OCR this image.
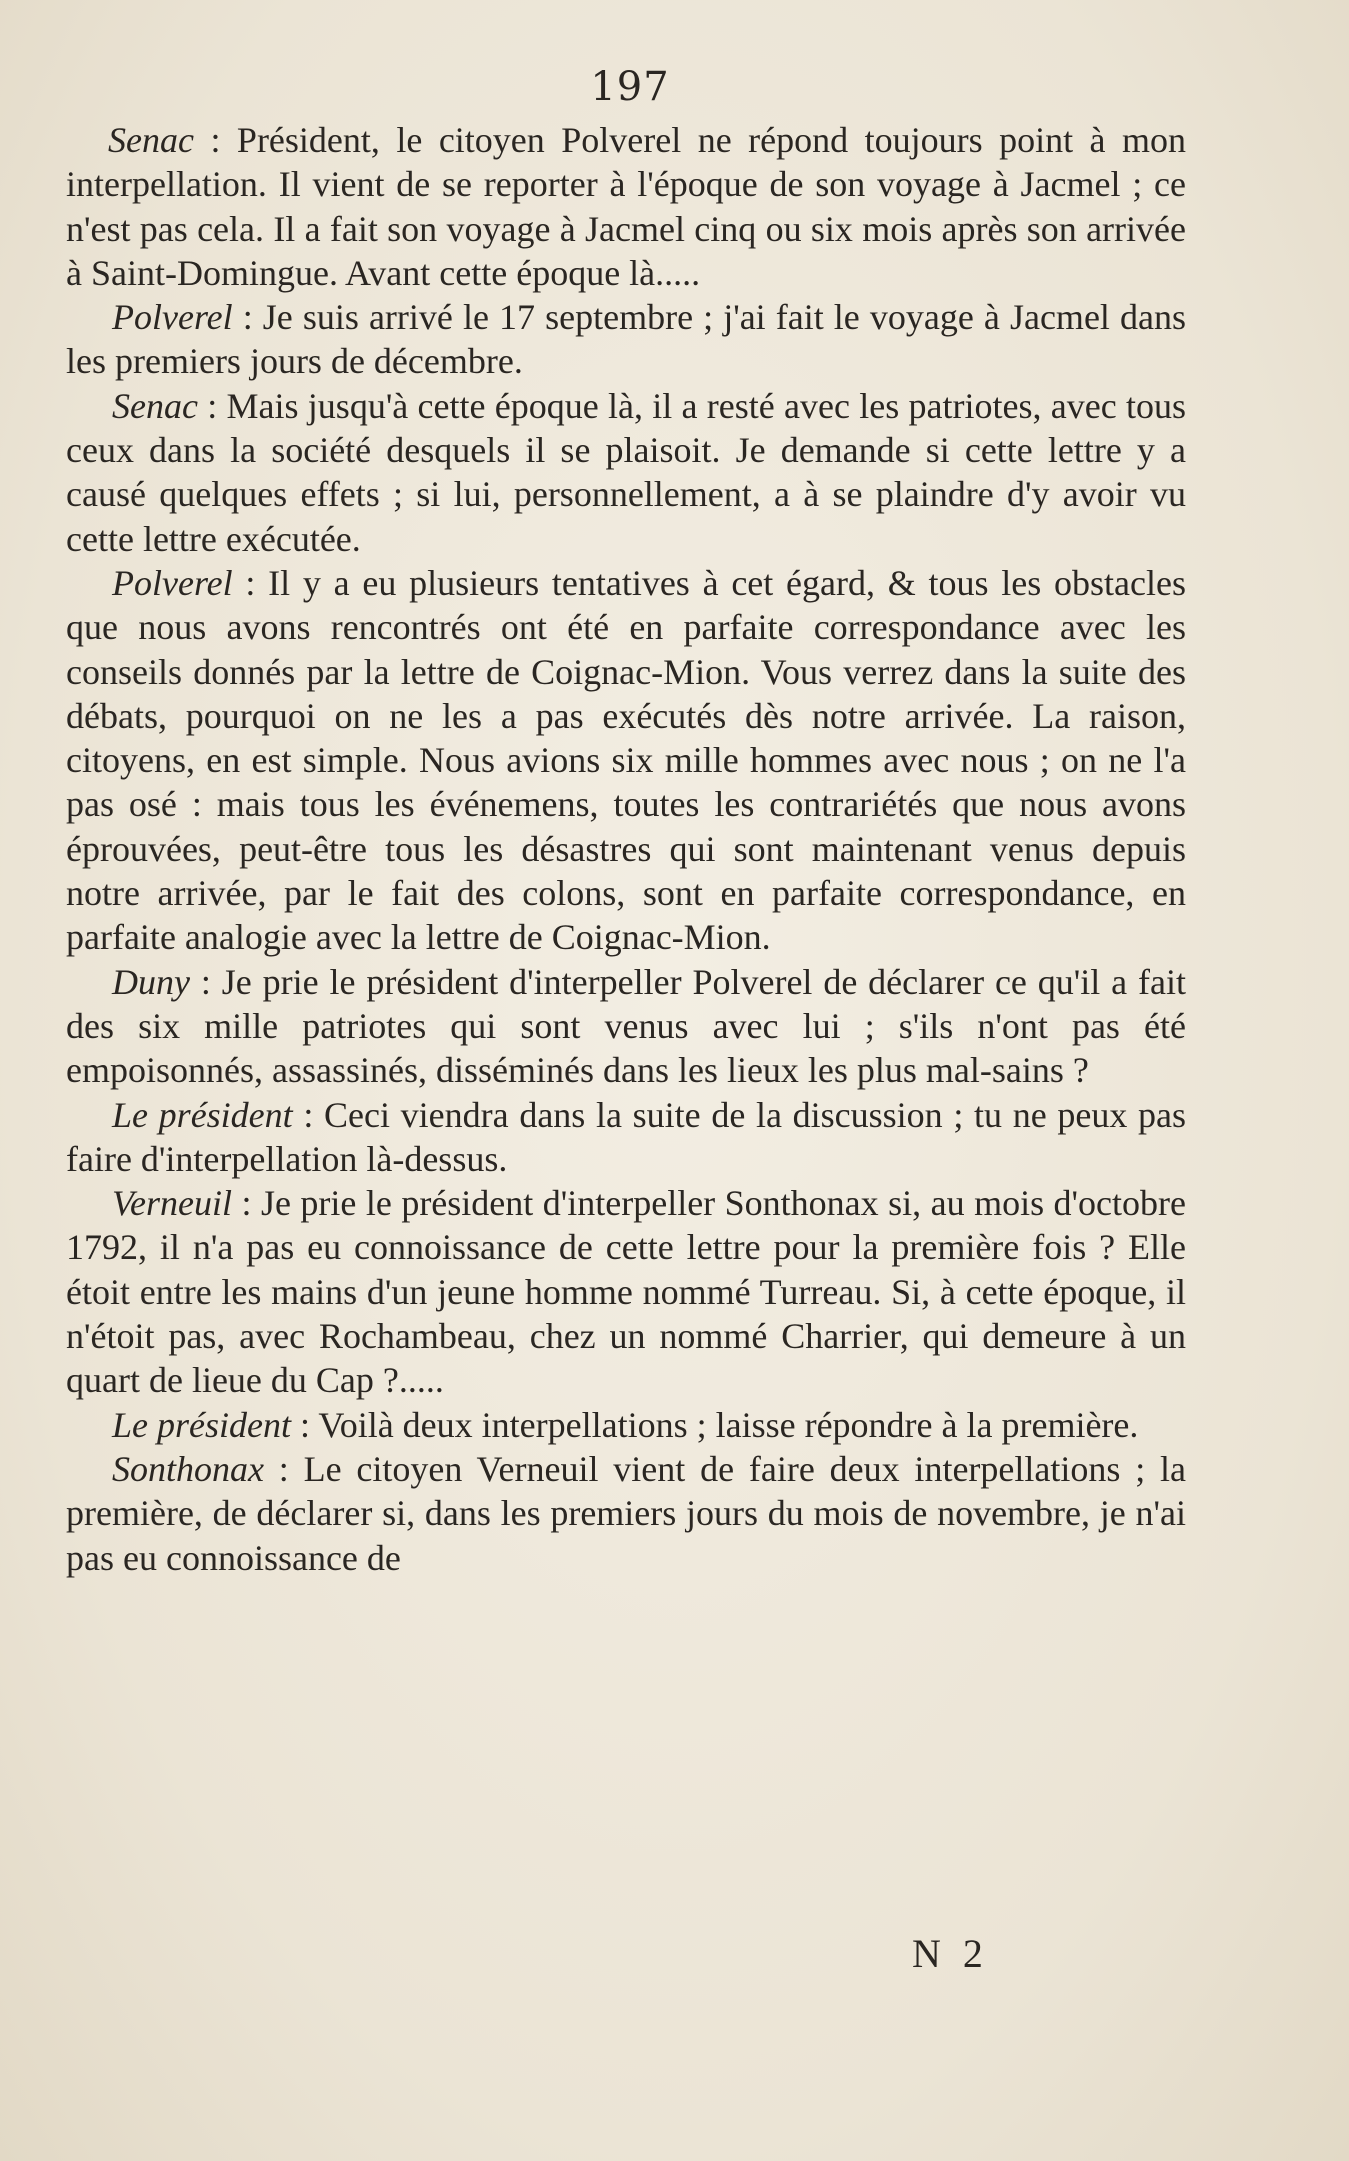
197

Senac : Président, le citoyen Polverel ne répond toujours point à mon interpellation. Il vient de se reporter à l'époque de son voyage à Jacmel ; ce n'est pas cela. Il a fait son voyage à Jacmel cinq ou six mois après son arrivée à Saint-Domingue. Avant cette époque là.....

Polverel : Je suis arrivé le 17 septembre ; j'ai fait le voyage à Jacmel dans les premiers jours de décembre.

Senac : Mais jusqu'à cette époque là, il a resté avec les patriotes, avec tous ceux dans la société desquels il se plaisoit. Je demande si cette lettre y a causé quelques effets ; si lui, personnellement, a à se plaindre d'y avoir vu cette lettre exécutée.

Polverel : Il y a eu plusieurs tentatives à cet égard, & tous les obstacles que nous avons rencontrés ont été en parfaite correspondance avec les conseils donnés par la lettre de Coignac-Mion. Vous verrez dans la suite des débats, pourquoi on ne les a pas exécutés dès notre arrivée. La raison, citoyens, en est simple. Nous avions six mille hommes avec nous ; on ne l'a pas osé : mais tous les événemens, toutes les contrariétés que nous avons éprouvées, peut-être tous les désastres qui sont maintenant venus depuis notre arrivée, par le fait des colons, sont en parfaite correspondance, en parfaite analogie avec la lettre de Coignac-Mion.

Duny : Je prie le président d'interpeller Polverel de déclarer ce qu'il a fait des six mille patriotes qui sont venus avec lui ; s'ils n'ont pas été empoisonnés, assassinés, disséminés dans les lieux les plus mal-sains ?

Le président : Ceci viendra dans la suite de la discussion ; tu ne peux pas faire d'interpellation là-dessus.

Verneuil : Je prie le président d'interpeller Sonthonax si, au mois d'octobre 1792, il n'a pas eu connoissance de cette lettre pour la première fois ? Elle étoit entre les mains d'un jeune homme nommé Turreau. Si, à cette époque, il n'étoit pas, avec Rochambeau, chez un nommé Charrier, qui demeure à un quart de lieue du Cap ?.....

Le président : Voilà deux interpellations ; laisse répondre à la première.

Sonthonax : Le citoyen Verneuil vient de faire deux interpellations ; la première, de déclarer si, dans les premiers jours du mois de novembre, je n'ai pas eu connoissance de

N 2
